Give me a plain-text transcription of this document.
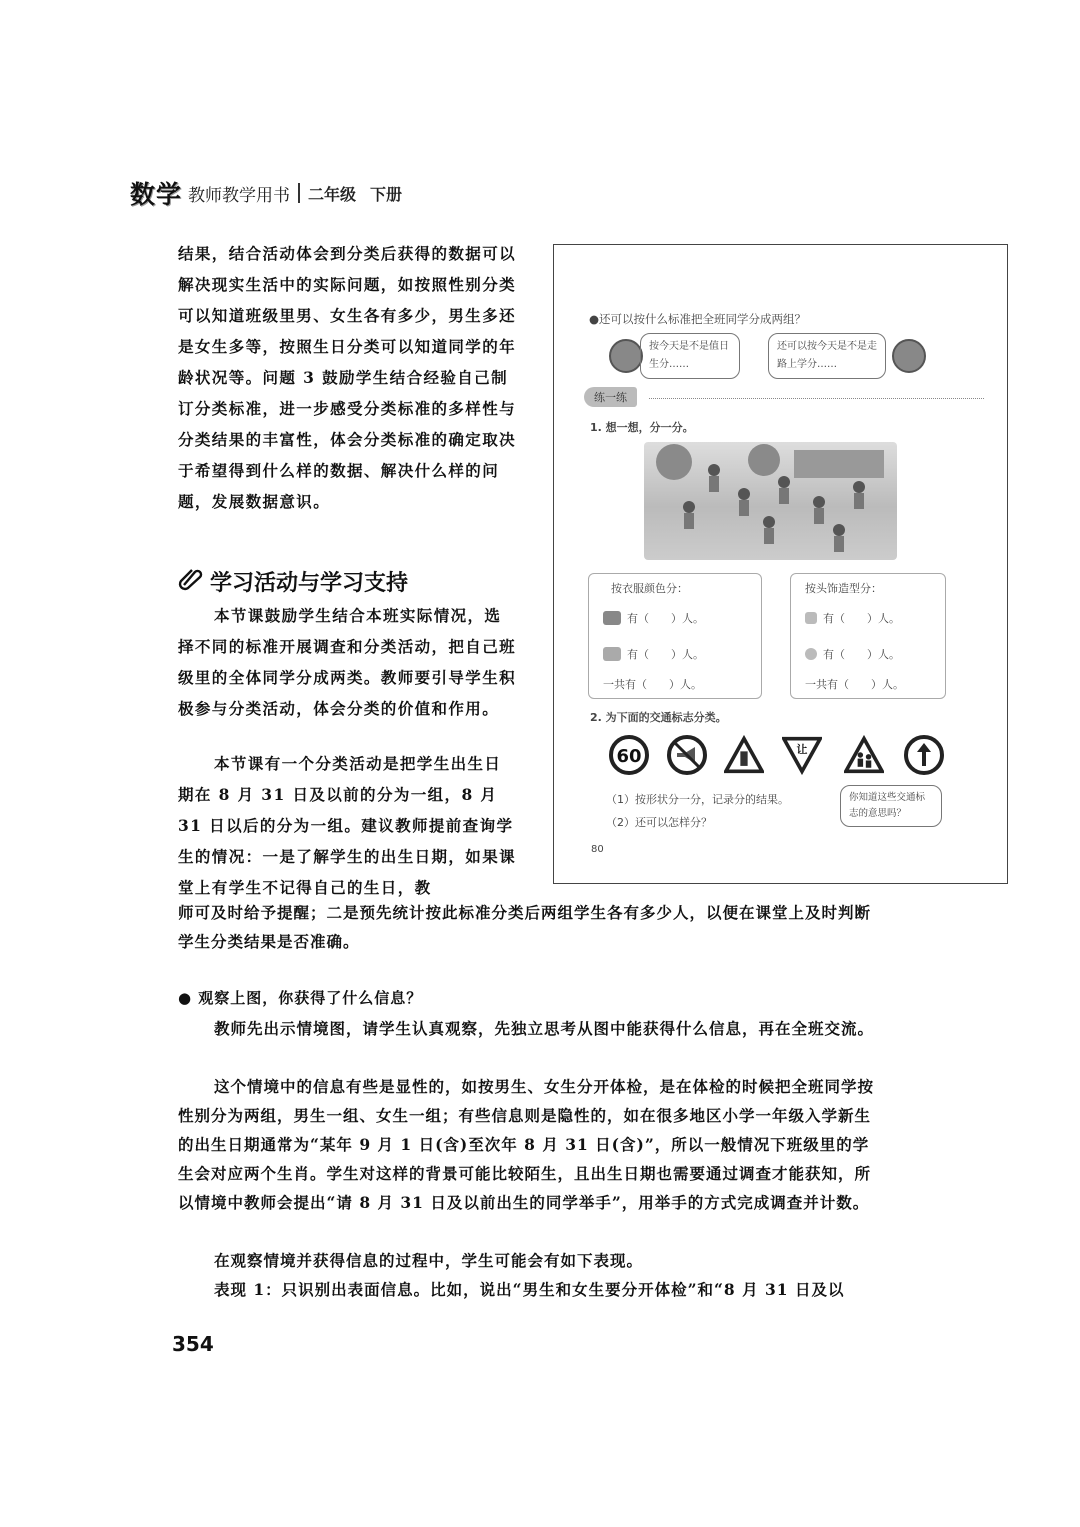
数学 教师教学用书 二年级 下册

结果，结合活动体会到分类后获得的数据可以解决现实生活中的实际问题，如按照性别分类可以知道班级里男、女生各有多少，男生多还是女生多等，按照生日分类可以知道同学的年龄状况等。问题 3 鼓励学生结合经验自己制订分类标准，进一步感受分类标准的多样性与分类结果的丰富性，体会分类标准的确定取决于希望得到什么样的数据、解决什么样的问题，发展数据意识。

学习活动与学习支持

本节课鼓励学生结合本班实际情况，选择不同的标准开展调查和分类活动，把自己班级里的全体同学分成两类。教师要引导学生积极参与分类活动，体会分类的价值和作用。

本节课有一个分类活动是把学生出生日期在 8 月 31 日及以前的分为一组，8 月 31 日以后的分为一组。建议教师提前查询学生的情况：一是了解学生的出生日期，如果课堂上有学生不记得自己的生日，教

●还可以按什么标准把全班同学分成两组？
按今天是不是值日生分……
还可以按今天是不是走路上学分……
练一练
1. 想一想，分一分。
按衣服颜色分：
有（　　）人。
有（　　）人。
一共有（　　）人。
按头饰造型分：
有（　　）人。
有（　　）人。
一共有（　　）人。
2. 为下面的交通标志分类。
60	让
（1）按形状分一分，记录分的结果。
（2）还可以怎样分？
你知道这些交通标志的意思吗？
80

师可及时给予提醒；二是预先统计按此标准分类后两组学生各有多少人，以便在课堂上及时判断学生分类结果是否准确。

● 观察上图，你获得了什么信息？

教师先出示情境图，请学生认真观察，先独立思考从图中能获得什么信息，再在全班交流。

这个情境中的信息有些是显性的，如按男生、女生分开体检，是在体检的时候把全班同学按性别分为两组，男生一组、女生一组；有些信息则是隐性的，如在很多地区小学一年级入学新生的出生日期通常为“某年 9 月 1 日(含)至次年 8 月 31 日(含)”，所以一般情况下班级里的学生会对应两个生肖。学生对这样的背景可能比较陌生，且出生日期也需要通过调查才能获知，所以情境中教师会提出“请 8 月 31 日及以前出生的同学举手”，用举手的方式完成调查并计数。

在观察情境并获得信息的过程中，学生可能会有如下表现。

表现 1：只识别出表面信息。比如，说出“男生和女生要分开体检”和“8 月 31 日及以

354
